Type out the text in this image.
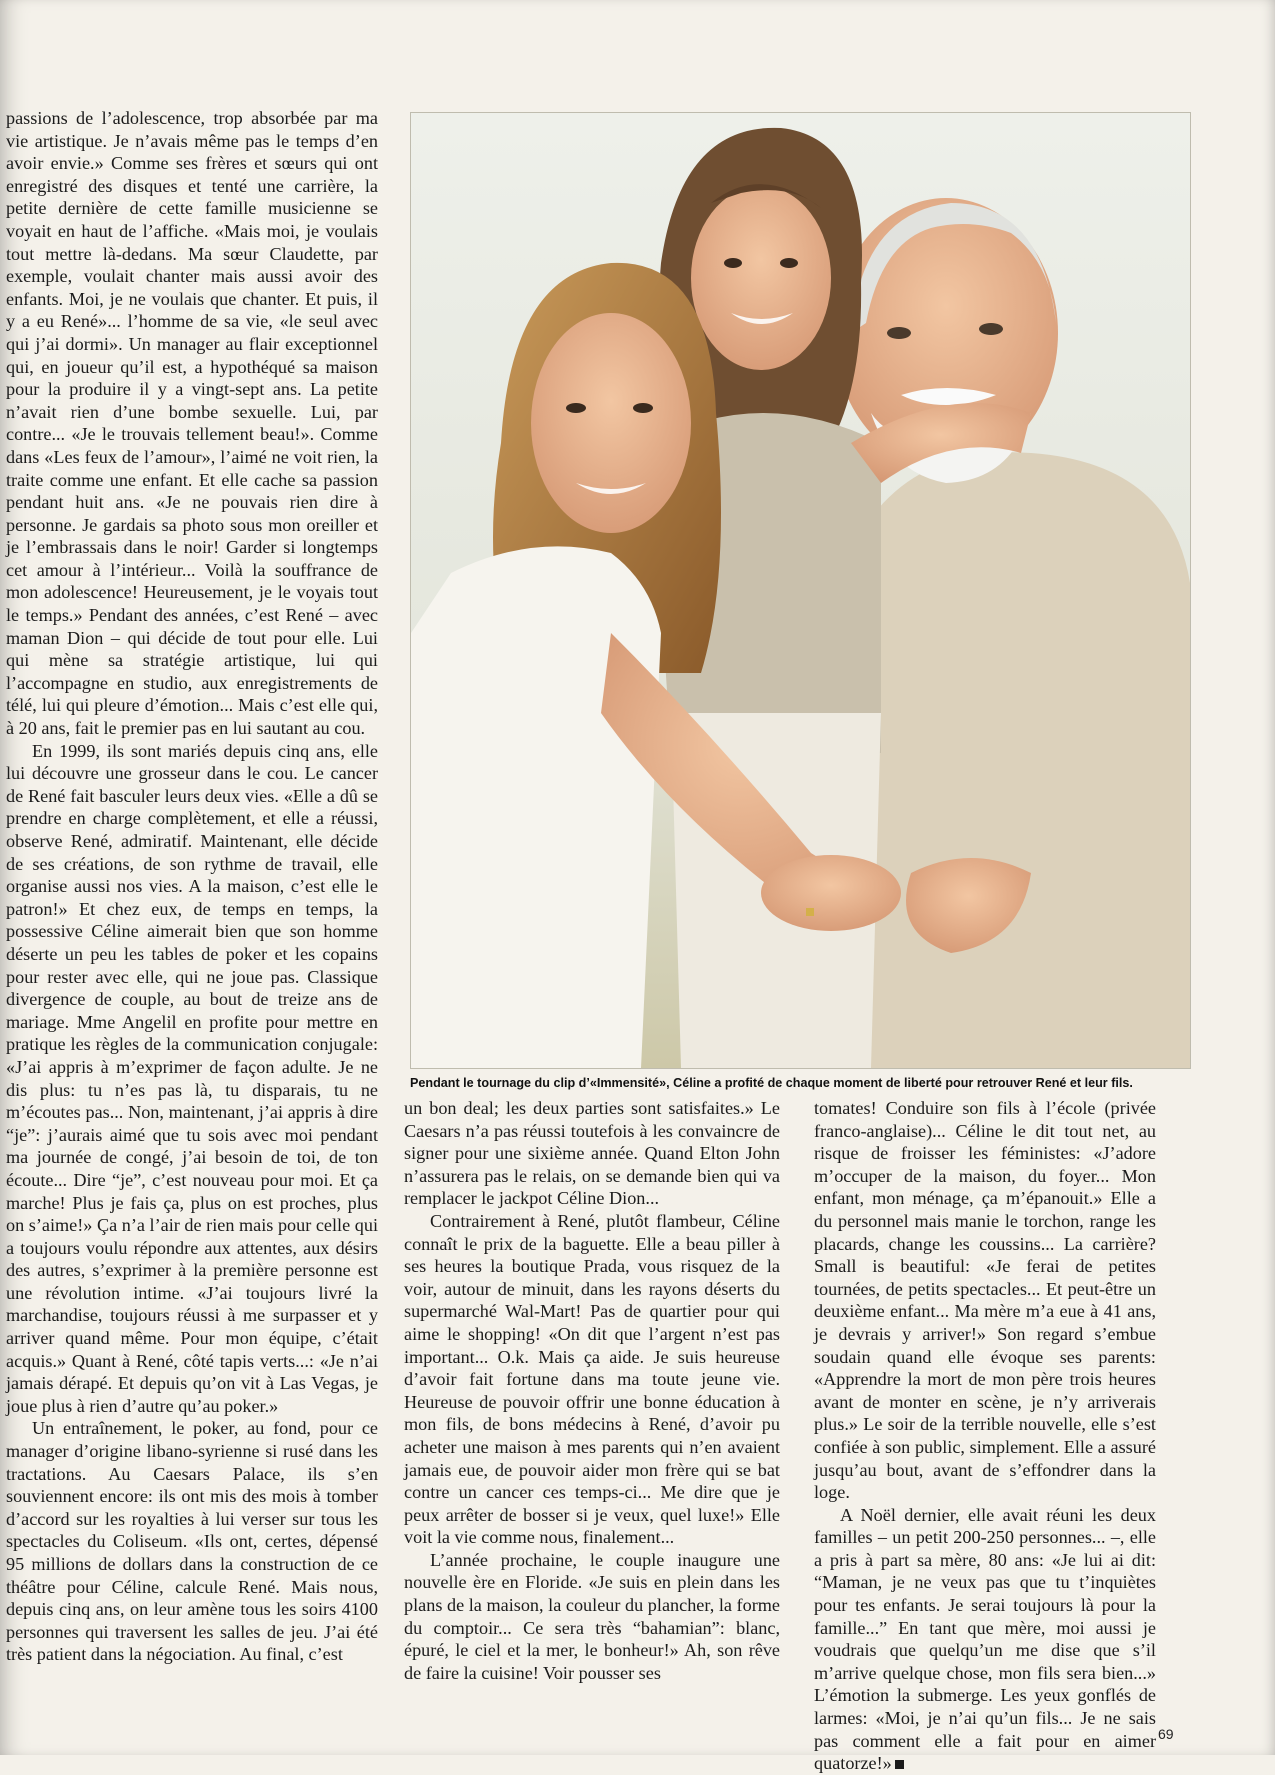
passions de l’adolescence, trop absorbée par ma vie artistique. Je n’avais même pas le temps d’en avoir envie.» Comme ses frères et sœurs qui ont enregistré des disques et tenté une carrière, la petite dernière de cette famille musicienne se voyait en haut de l’affiche. «Mais moi, je voulais tout mettre là-dedans. Ma sœur Claudette, par exemple, voulait chanter mais aussi avoir des enfants. Moi, je ne voulais que chanter. Et puis, il y a eu René»... l’homme de sa vie, «le seul avec qui j’ai dormi». Un manager au flair exceptionnel qui, en joueur qu’il est, a hypothéqué sa maison pour la produire il y a vingt-sept ans. La petite n’avait rien d’une bombe sexuelle. Lui, par contre... «Je le trouvais tellement beau!». Comme dans «Les feux de l’amour», l’aimé ne voit rien, la traite comme une enfant. Et elle cache sa passion pendant huit ans. «Je ne pouvais rien dire à personne. Je gardais sa photo sous mon oreiller et je l’embrassais dans le noir! Garder si longtemps cet amour à l’intérieur... Voilà la souffrance de mon adolescence! Heureusement, je le voyais tout le temps.» Pendant des années, c’est René – avec maman Dion – qui décide de tout pour elle. Lui qui mène sa stratégie artistique, lui qui l’accompagne en studio, aux enregistrements de télé, lui qui pleure d’émotion... Mais c’est elle qui, à 20 ans, fait le premier pas en lui sautant au cou.

En 1999, ils sont mariés depuis cinq ans, elle lui découvre une grosseur dans le cou. Le cancer de René fait basculer leurs deux vies. «Elle a dû se prendre en charge complètement, et elle a réussi, observe René, admiratif. Maintenant, elle décide de ses créations, de son rythme de travail, elle organise aussi nos vies. A la maison, c’est elle le patron!» Et chez eux, de temps en temps, la possessive Céline aimerait bien que son homme déserte un peu les tables de poker et les copains pour rester avec elle, qui ne joue pas. Classique divergence de couple, au bout de treize ans de mariage. Mme Angelil en profite pour mettre en pratique les règles de la communication conjugale: «J’ai appris à m’exprimer de façon adulte. Je ne dis plus: tu n’es pas là, tu disparais, tu ne m’écoutes pas... Non, maintenant, j’ai appris à dire “je”: j’aurais aimé que tu sois avec moi pendant ma journée de congé, j’ai besoin de toi, de ton écoute... Dire “je”, c’est nouveau pour moi. Et ça marche! Plus je fais ça, plus on est proches, plus on s’aime!» Ça n’a l’air de rien mais pour celle qui a toujours voulu répondre aux attentes, aux désirs des autres, s’exprimer à la première personne est une révolution intime. «J’ai toujours livré la marchandise, toujours réussi à me surpasser et y arriver quand même. Pour mon équipe, c’était acquis.» Quant à René, côté tapis verts...: «Je n’ai jamais dérapé. Et depuis qu’on vit à Las Vegas, je joue plus à rien d’autre qu’au poker.»

Un entraînement, le poker, au fond, pour ce manager d’origine libano-syrienne si rusé dans les tractations. Au Caesars Palace, ils s’en souviennent encore: ils ont mis des mois à tomber d’accord sur les royalties à lui verser sur tous les spectacles du Coliseum. «Ils ont, certes, dépensé 95 millions de dollars dans la construction de ce théâtre pour Céline, calcule René. Mais nous, depuis cinq ans, on leur amène tous les soirs 4100 personnes qui traversent les salles de jeu. J’ai été très patient dans la négociation. Au final, c’est

Pendant le tournage du clip d’«Immensité», Céline a profité de chaque moment de liberté pour retrouver René et leur fils.

un bon deal; les deux parties sont satisfaites.» Le Caesars n’a pas réussi toutefois à les convaincre de signer pour une sixième année. Quand Elton John n’assurera pas le relais, on se demande bien qui va remplacer le jackpot Céline Dion...

Contrairement à René, plutôt flambeur, Céline connaît le prix de la baguette. Elle a beau piller à ses heures la boutique Prada, vous risquez de la voir, autour de minuit, dans les rayons déserts du supermarché Wal-Mart! Pas de quartier pour qui aime le shopping! «On dit que l’argent n’est pas important... O.k. Mais ça aide. Je suis heureuse d’avoir fait fortune dans ma toute jeune vie. Heureuse de pouvoir offrir une bonne éducation à mon fils, de bons médecins à René, d’avoir pu acheter une maison à mes parents qui n’en avaient jamais eue, de pouvoir aider mon frère qui se bat contre un cancer ces temps-ci... Me dire que je peux arrêter de bosser si je veux, quel luxe!» Elle voit la vie comme nous, finalement...

L’année prochaine, le couple inaugure une nouvelle ère en Floride. «Je suis en plein dans les plans de la maison, la couleur du plancher, la forme du comptoir... Ce sera très “bahamian”: blanc, épuré, le ciel et la mer, le bonheur!» Ah, son rêve de faire la cuisine! Voir pousser ses

tomates! Conduire son fils à l’école (privée franco-anglaise)... Céline le dit tout net, au risque de froisser les féministes: «J’adore m’occuper de la maison, du foyer... Mon enfant, mon ménage, ça m’épanouit.» Elle a du personnel mais manie le torchon, range les placards, change les coussins... La carrière? Small is beautiful: «Je ferai de petites tournées, de petits spectacles... Et peut-être un deuxième enfant... Ma mère m’a eue à 41 ans, je devrais y arriver!» Son regard s’embue soudain quand elle évoque ses parents: «Apprendre la mort de mon père trois heures avant de monter en scène, je n’y arriverais plus.» Le soir de la terrible nouvelle, elle s’est confiée à son public, simplement. Elle a assuré jusqu’au bout, avant de s’effondrer dans la loge.

A Noël dernier, elle avait réuni les deux familles – un petit 200-250 personnes... –, elle a pris à part sa mère, 80 ans: «Je lui ai dit: “Maman, je ne veux pas que tu t’inquiètes pour tes enfants. Je serai toujours là pour la famille...” En tant que mère, moi aussi je voudrais que quelqu’un me dise que s’il m’arrive quelque chose, mon fils sera bien...» L’émotion la submerge. Les yeux gonflés de larmes: «Moi, je n’ai qu’un fils... Je ne sais pas comment elle a fait pour en aimer quatorze!»

69
